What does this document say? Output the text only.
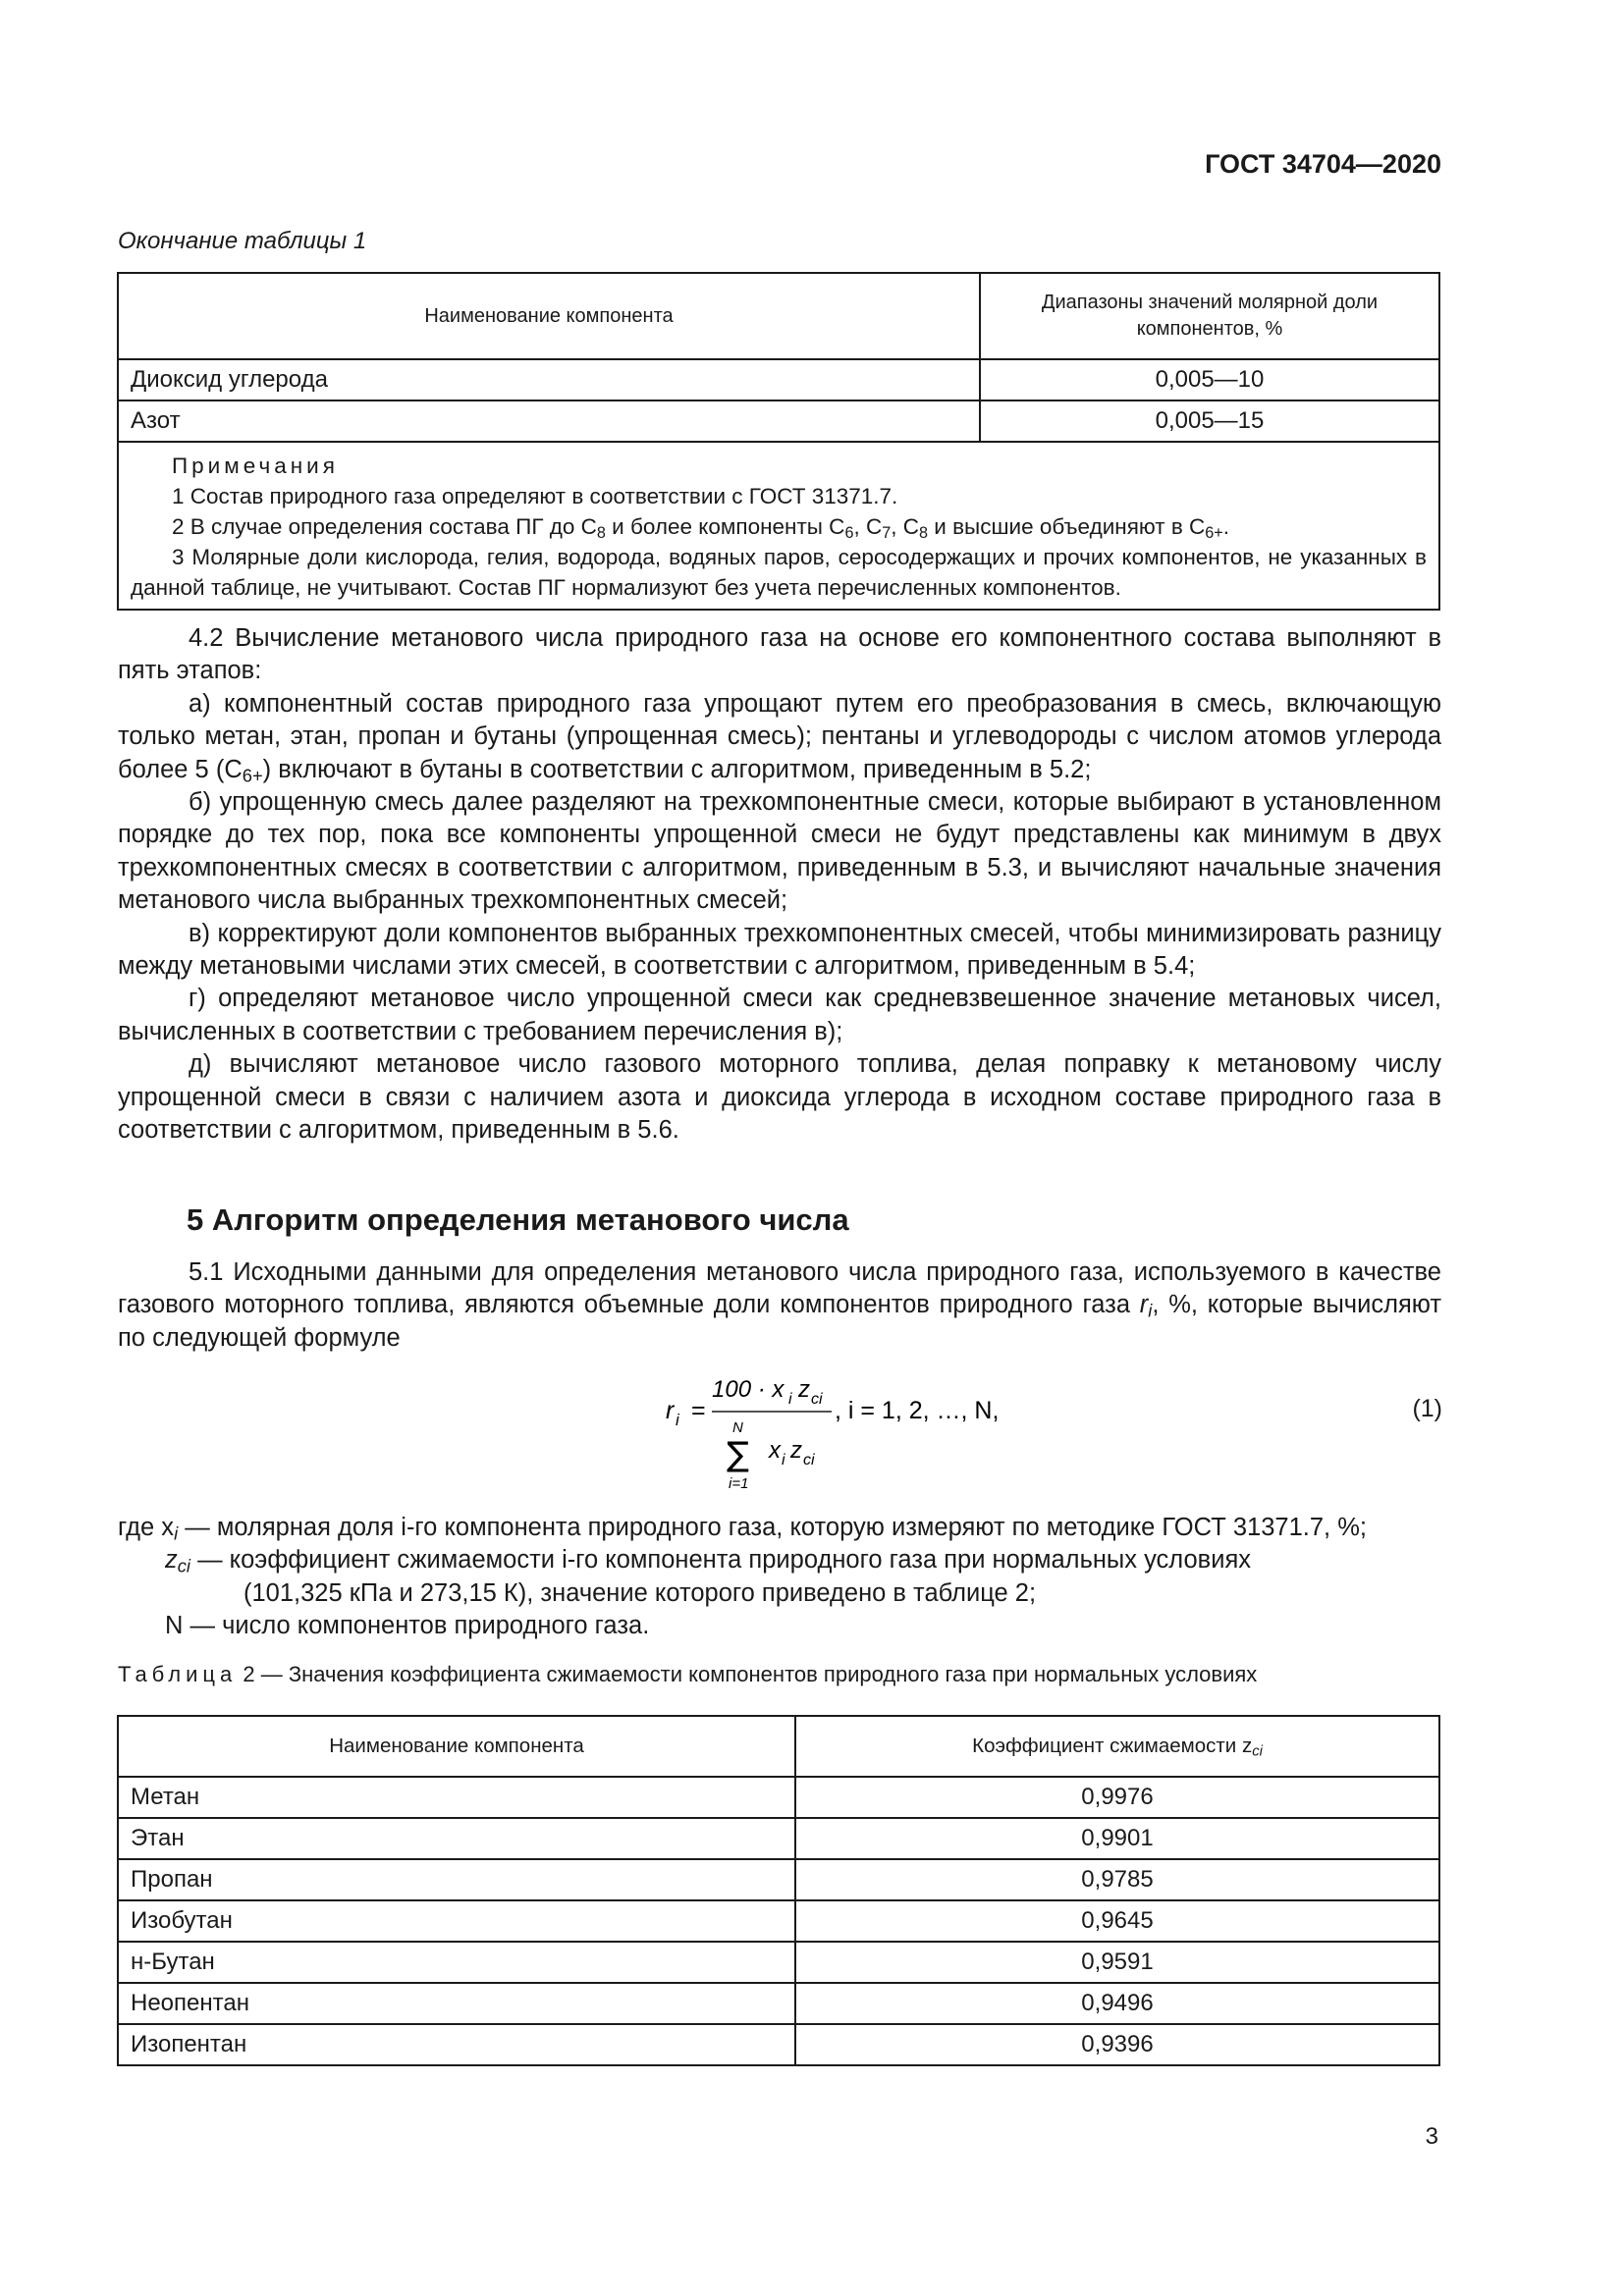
ГОСТ 34704—2020
Окончание таблицы 1
Наименование компонента	Диапазоны значений молярной доли компонентов, %
Диоксид углерода	0,005—10
Азот	0,005—15

Примечания
1 Состав природного газа определяют в соответствии с ГОСТ 31371.7.
2 В случае определения состава ПГ до $C_8$ и более компоненты $C_6$, $C_7$, $C_8$ и высшие объединяют в $C_{6+}$.
3 Молярные доли кислорода, гелия, водорода, водяных паров, серосодержащих и прочих компонентов, не указанных в данной таблице, не учитывают. Состав ПГ нормализуют без учета перечисленных компонентов.	

4.2 Вычисление метанового числа природного газа на основе его компонентного состава выполняют в пять этапов:

а) компонентный состав природного газа упрощают путем его преобразования в смесь, включающую только метан, этан, пропан и бутаны (упрощенная смесь); пентаны и углеводороды с числом атомов углерода более 5 $(C_{6+})$ включают в бутаны в соответствии с алгоритмом, приведенным в 5.2;

б) упрощенную смесь далее разделяют на трехкомпонентные смеси, которые выбирают в установленном порядке до тех пор, пока все компоненты упрощенной смеси не будут представлены как минимум в двух трехкомпонентных смесях в соответствии с алгоритмом, приведенным в 5.3, и вычисляют начальные значения метанового числа выбранных трехкомпонентных смесей;

в) корректируют доли компонентов выбранных трехкомпонентных смесей, чтобы минимизировать разницу между метановыми числами этих смесей, в соответствии с алгоритмом, приведенным в 5.4;

г) определяют метановое число упрощенной смеси как средневзвешенное значение метановых чисел, вычисленных в соответствии с требованием перечисления в);

д) вычисляют метановое число газового моторного топлива, делая поправку к метановому числу упрощенной смеси в связи с наличием азота и диоксида углерода в исходном составе природного газа в соответствии с алгоритмом, приведенным в 5.6.

5 Алгоритм определения метанового числа

5.1 Исходными данными для определения метанового числа природного газа, используемого в качестве газового моторного топлива, являются объемные доли компонентов природного газа $r_i$, %, которые вычисляют по следующей формуле

r i =
100 · x i z ci
N
∑ x i z ci
i=1
, i = 1, 2, …, N,	(1)
где $x_i$ — молярная доля i-го компонента природного газа, которую измеряют по методике ГОСТ 31371.7, %;
$z_{ci}$ — коэффициент сжимаемости i-го компонента природного газа при нормальных условиях
(101,325 кПа и 273,15 К), значение которого приведено в таблице 2;
N — число компонентов природного газа.
Таблица 2 — Значения коэффициента сжимаемости компонентов природного газа при нормальных условиях
Наименование компонента	Коэффициент сжимаемости $z_{ci}$
Метан	0,9976
Этан	0,9901
Пропан	0,9785
Изобутан	0,9645
н-Бутан	0,9591
Неопентан	0,9496
Изопентан	0,9396
3
